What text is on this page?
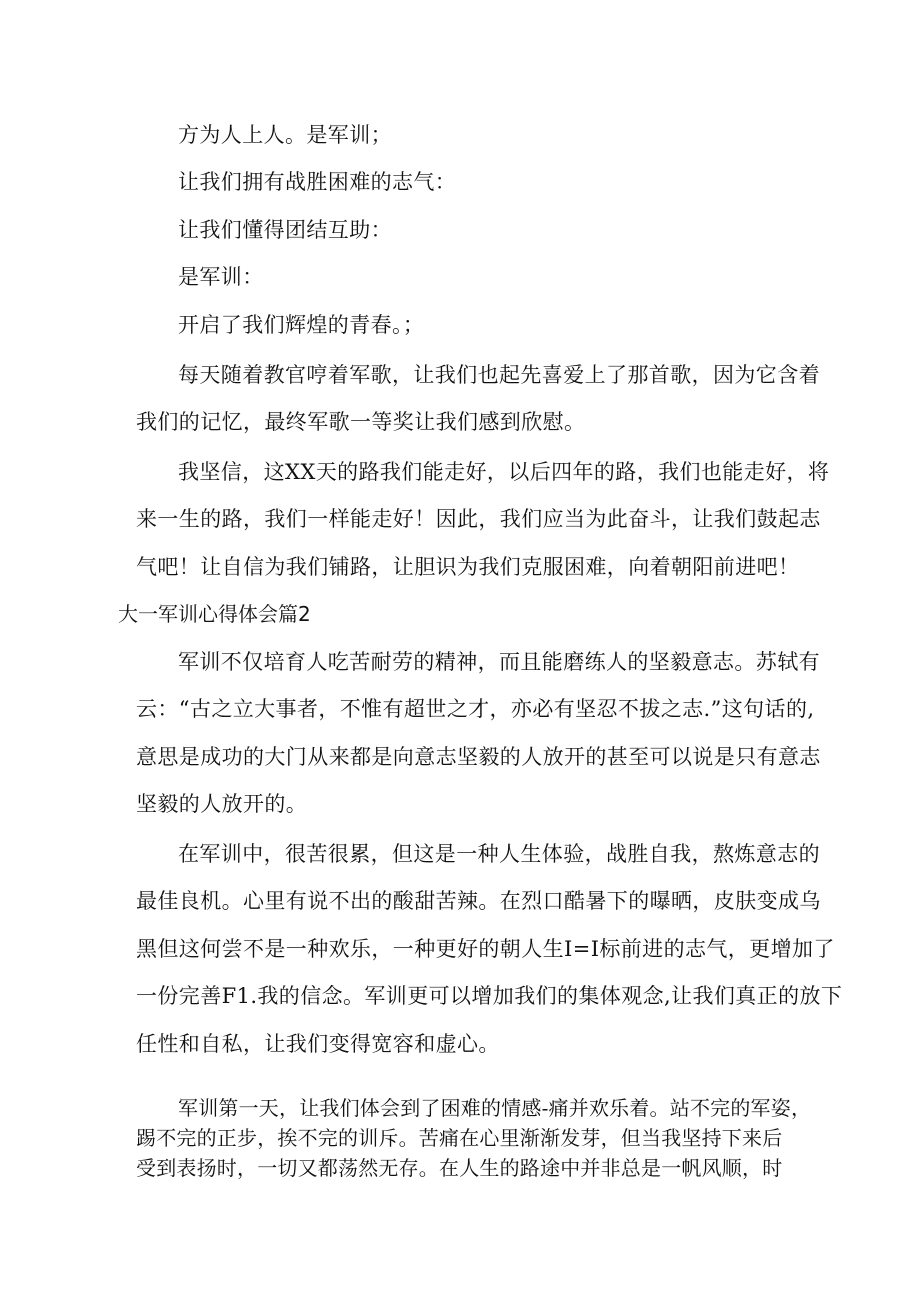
方为人上人。是军训；
让我们拥有战胜困难的志气：
让我们懂得团结互助：
是军训：
开启了我们辉煌的青春。；
每天随着教官哼着军歌，让我们也起先喜爱上了那首歌，因为它含着
我们的记忆，最终军歌一等奖让我们感到欣慰。
我坚信，这XX天的路我们能走好，以后四年的路，我们也能走好，将
来一生的路，我们一样能走好！因此，我们应当为此奋斗，让我们鼓起志
气吧！让自信为我们铺路，让胆识为我们克服困难，向着朝阳前进吧！
大一军训心得体会篇2
军训不仅培育人吃苦耐劳的精神，而且能磨练人的坚毅意志。苏轼有
云：“古之立大事者，不惟有超世之才，亦必有坚忍不拔之志.”这句话的,
意思是成功的大门从来都是向意志坚毅的人放开的甚至可以说是只有意志
坚毅的人放开的。
在军训中，很苦很累，但这是一种人生体验，战胜自我，熬炼意志的
最佳良机。心里有说不出的酸甜苦辣。在烈口酷暑下的曝晒，皮肤变成乌
黑但这何尝不是一种欢乐，一种更好的朝人生I=I标前进的志气，更增加了
一份完善F1.我的信念。军训更可以增加我们的集体观念,让我们真正的放下
任性和自私，让我们变得宽容和虚心。
军训第一天，让我们体会到了困难的情感-痛并欢乐着。站不完的军姿，
踢不完的正步，挨不完的训斥。苦痛在心里渐渐发芽，但当我坚持下来后
受到表扬时，一切又都荡然无存。在人生的路途中并非总是一帆风顺，时
